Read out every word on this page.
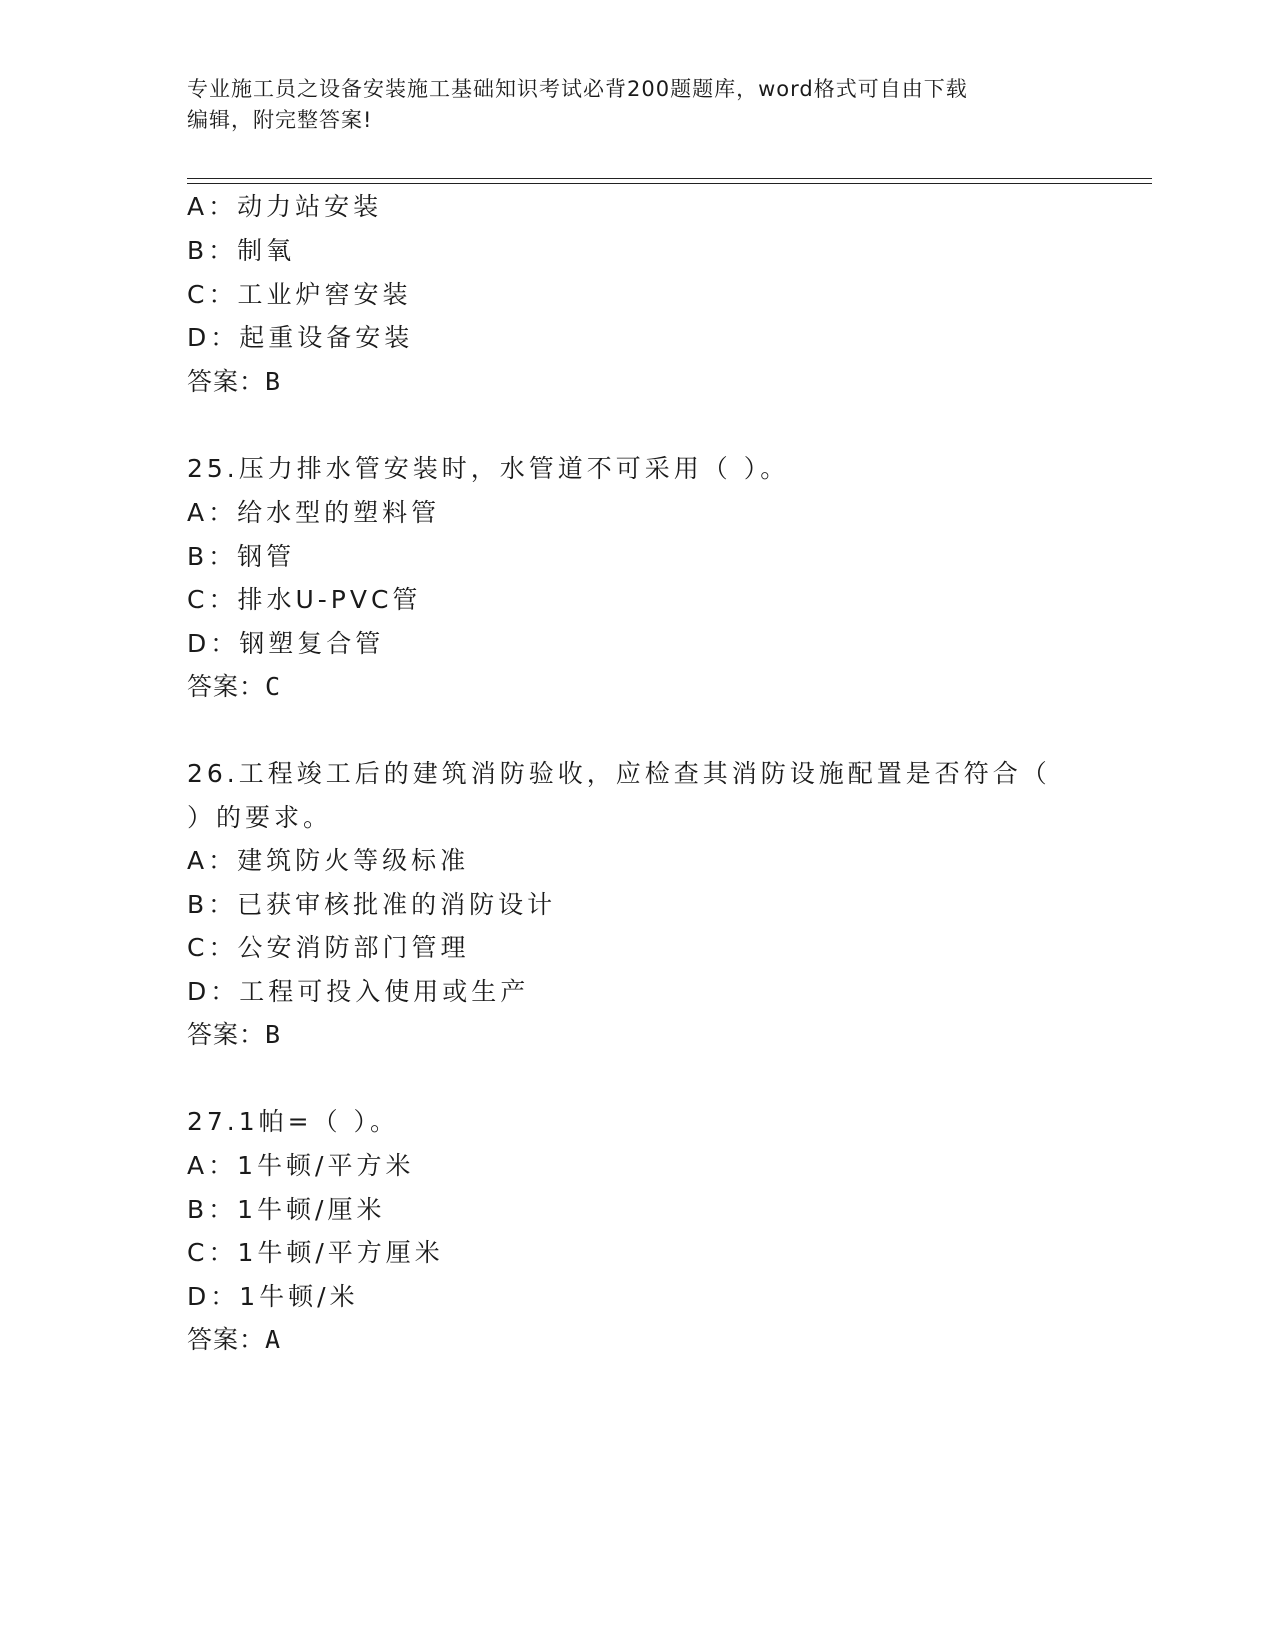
专业施工员之设备安装施工基础知识考试必背200题题库，word格式可自由下载
编辑，附完整答案!
A：动力站安装
B：制氧
C：工业炉窖安装
D：起重设备安装
答案：B
25.压力排水管安装时，水管道不可采用（ ）。
A：给水型的塑料管
B：钢管
C：排水U-PVC管
D：钢塑复合管
答案：C
26.工程竣工后的建筑消防验收，应检查其消防设施配置是否符合（
）的要求。
A：建筑防火等级标准
B：已获审核批准的消防设计
C：公安消防部门管理
D：工程可投入使用或生产
答案：B
27.1帕=（ ）。
A：1牛顿/平方米
B：1牛顿/厘米
C：1牛顿/平方厘米
D：1牛顿/米
答案：A
